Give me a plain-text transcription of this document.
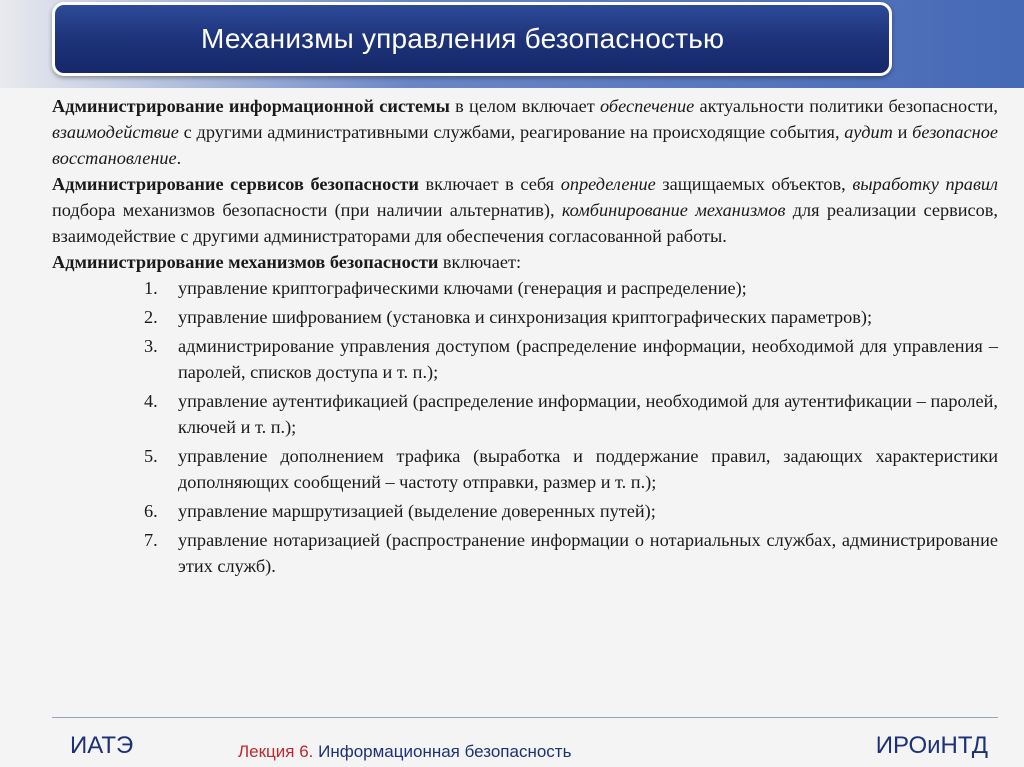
Механизмы управления безопасностью

Администрирование информационной системы в целом включает обеспечение актуальности политики безопасности, взаимодействие с другими административными службами, реагирование на происходящие события, аудит и безопасное восстановление.

Администрирование сервисов безопасности включает в себя определение защищаемых объектов, выработку правил подбора механизмов безопасности (при наличии альтернатив), комбинирование механизмов для реализации сервисов, взаимодействие с другими администраторами для обеспечения согласованной работы.

Администрирование механизмов безопасности включает:

1.	управление криптографическими ключами (генерация и распределение);
2.	управление шифрованием (установка и синхронизация криптографических параметров);
3.	администрирование управления доступом (распределение информации, необходимой для управления – паролей, списков доступа и т. п.);
4.	управление аутентификацией (распределение информации, необходимой для аутентификации – паролей, ключей и т. п.);
5.	управление дополнением трафика (выработка и поддержание правил, задающих характеристики дополняющих сообщений – частоту отправки, размер и т. п.);
6.	управление маршрутизацией (выделение доверенных путей);
7.	управление нотаризацией (распространение информации о нотариальных службах, администрирование этих служб).
ИАТЭ	Лекция 6. Информационная безопасность	ИРОиНТД
